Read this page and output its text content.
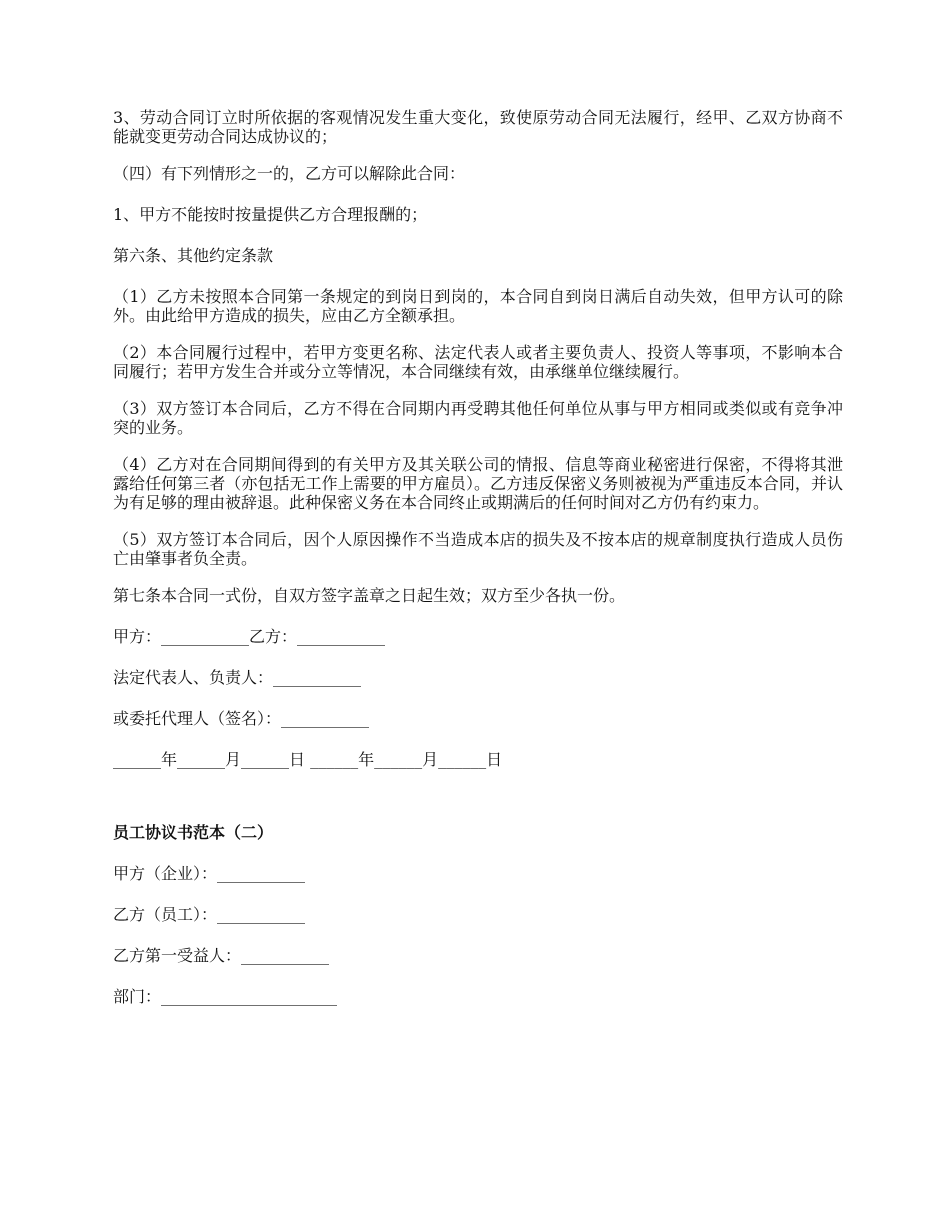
3、劳动合同订立时所依据的客观情况发生重大变化，致使原劳动合同无法履行，经甲、乙双方协商不能就变更劳动合同达成协议的；

（四）有下列情形之一的，乙方可以解除此合同：

1、甲方不能按时按量提供乙方合理报酬的；

第六条、其他约定条款

（1）乙方未按照本合同第一条规定的到岗日到岗的，本合同自到岗日满后自动失效，但甲方认可的除外。由此给甲方造成的损失，应由乙方全额承担。

（2）本合同履行过程中，若甲方变更名称、法定代表人或者主要负责人、投资人等事项，不影响本合同履行；若甲方发生合并或分立等情况，本合同继续有效，由承继单位继续履行。

（3）双方签订本合同后，乙方不得在合同期内再受聘其他任何单位从事与甲方相同或类似或有竞争冲突的业务。

（4）乙方对在合同期间得到的有关甲方及其关联公司的情报、信息等商业秘密进行保密，不得将其泄露给任何第三者（亦包括无工作上需要的甲方雇员）。乙方违反保密义务则被视为严重违反本合同，并认为有足够的理由被辞退。此种保密义务在本合同终止或期满后的任何时间对乙方仍有约束力。

（5）双方签订本合同后，因个人原因操作不当造成本店的损失及不按本店的规章制度执行造成人员伤亡由肇事者负全责。

第七条本合同一式份，自双方签字盖章之日起生效；双方至少各执一份。

甲方：___________乙方：___________

法定代表人、负责人：___________

或委托代理人（签名）：___________

______年______月______日 ______年______月______日

员工协议书范本（二）

甲方（企业）：___________

乙方（员工）：___________

乙方第一受益人：___________

部门：______________________
